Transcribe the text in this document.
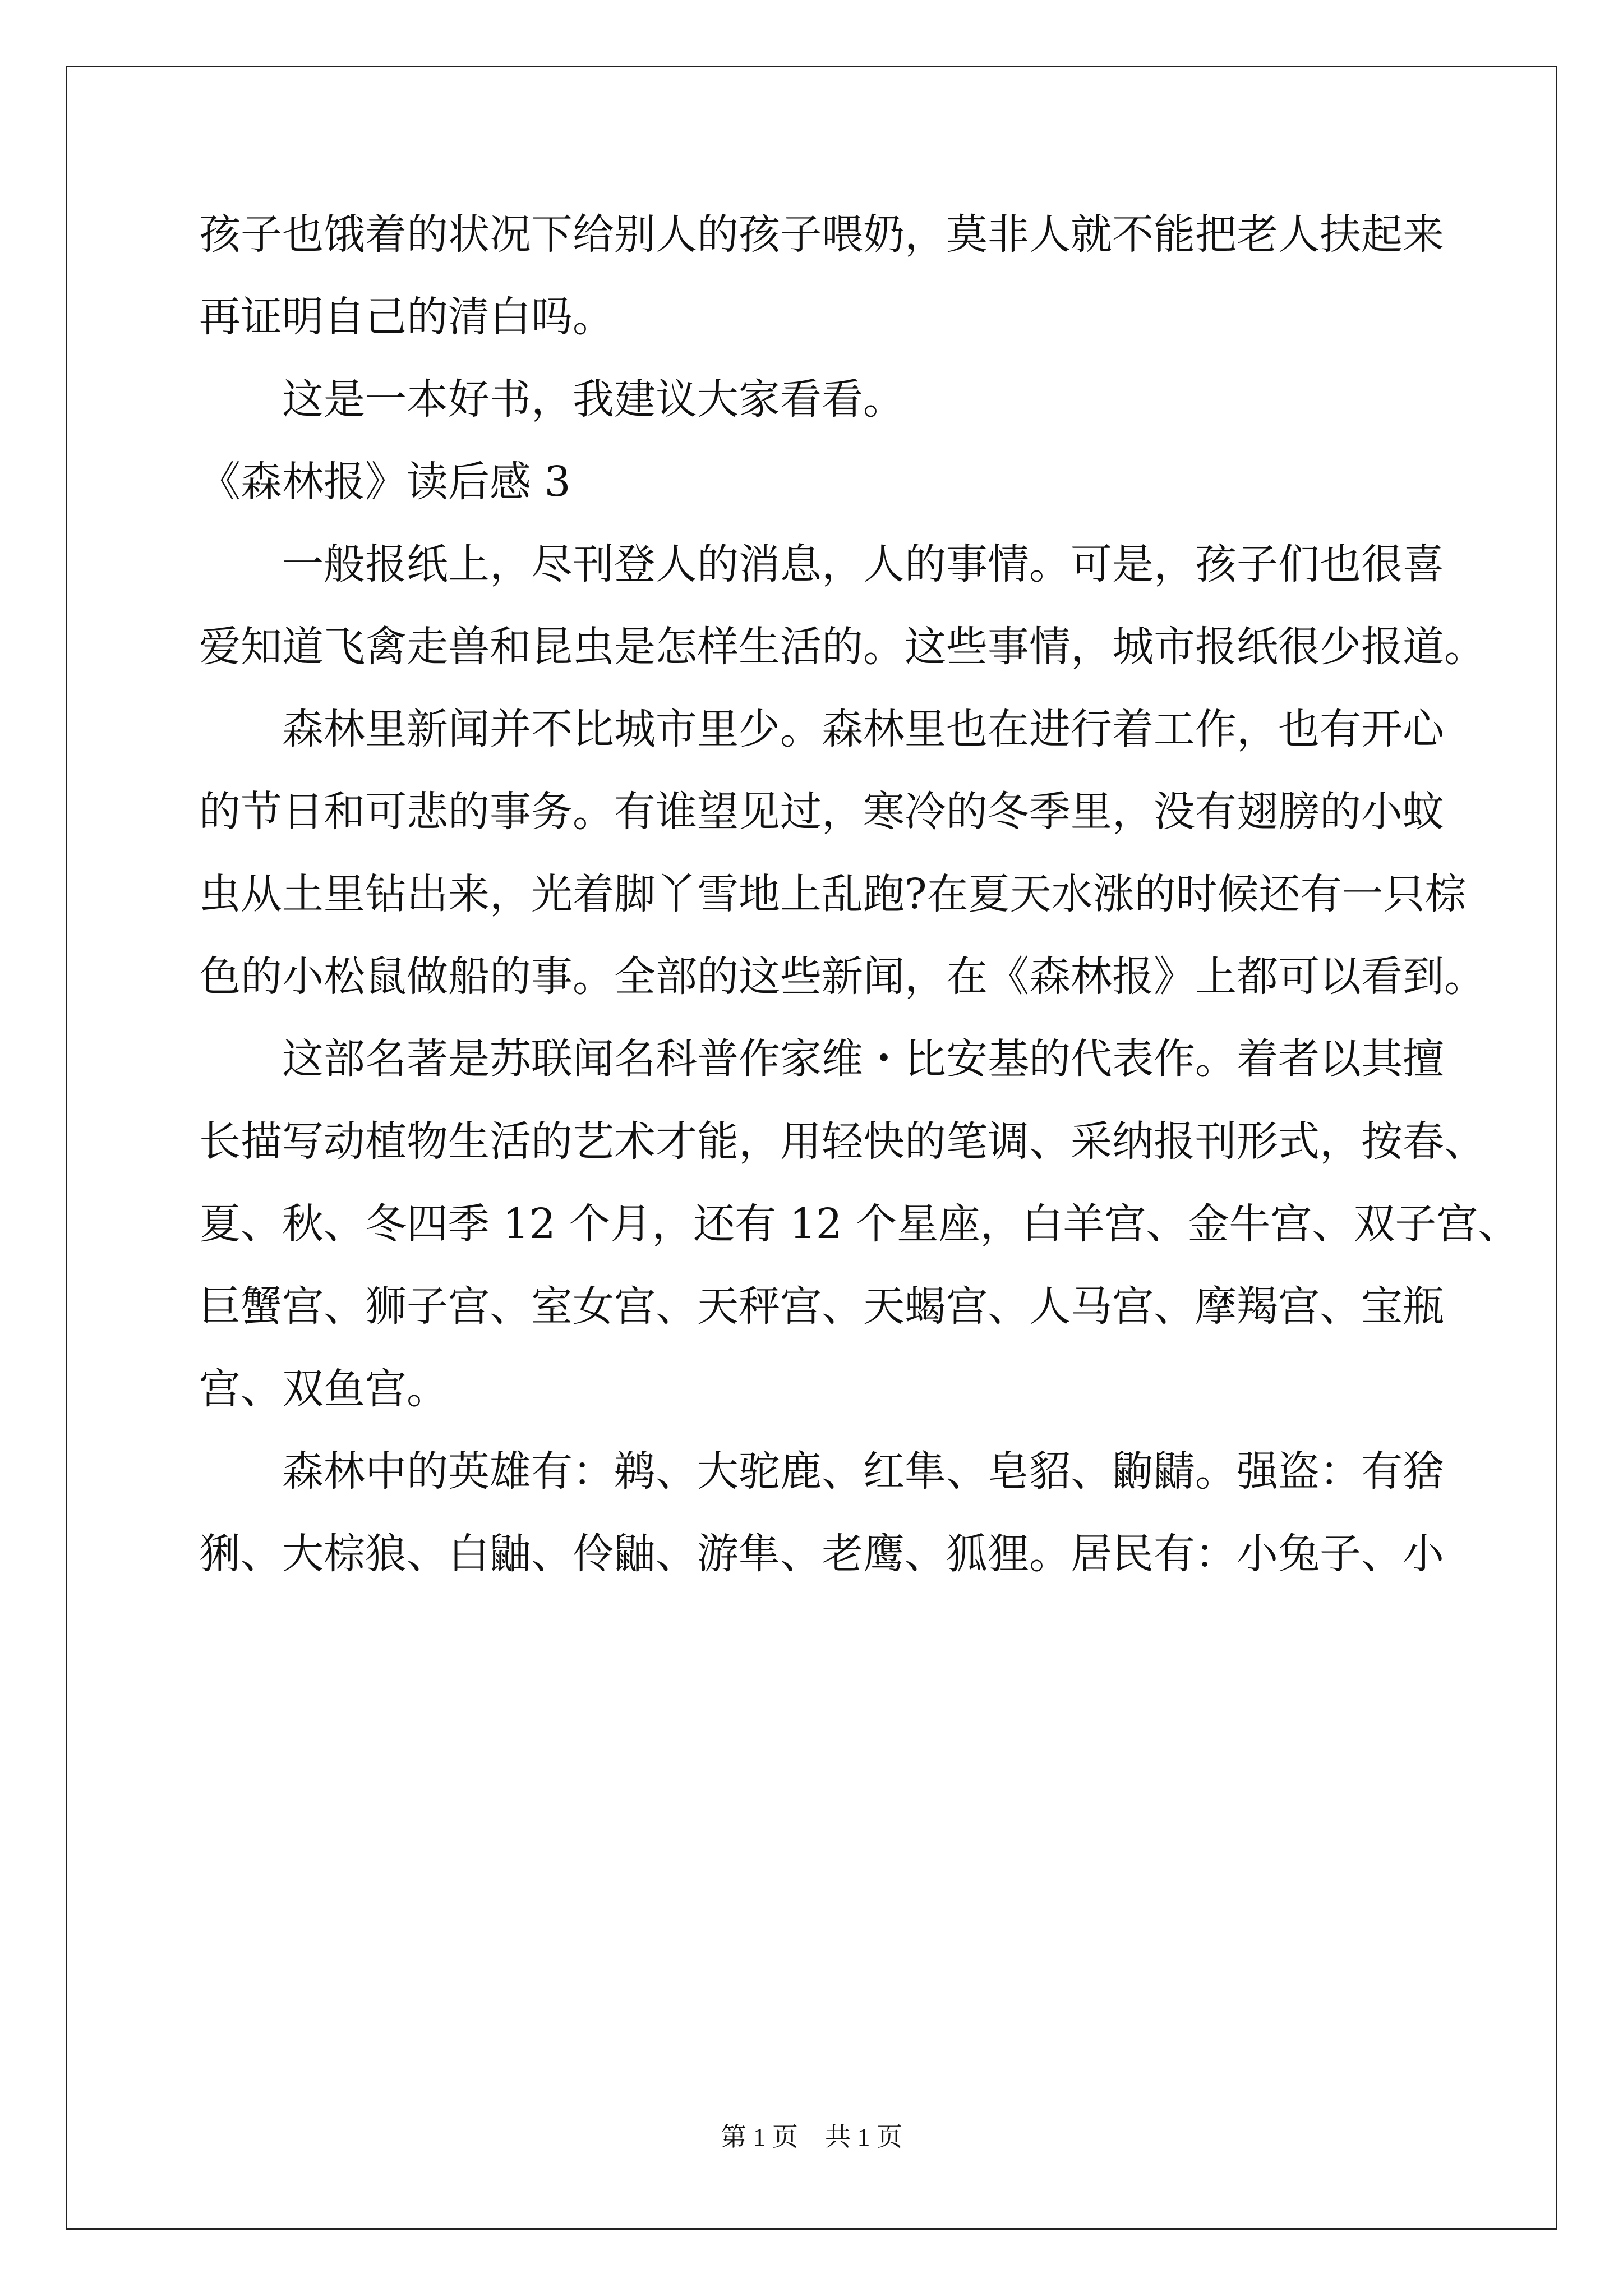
孩子也饿着的状况下给别人的孩子喂奶，莫非人就不能把老人扶起来
再证明自己的清白吗。
这是一本好书，我建议大家看看。
《森林报》读后感 3
一般报纸上，尽刊登人的消息，人的事情。可是，孩子们也很喜
爱知道飞禽走兽和昆虫是怎样生活的。这些事情，城市报纸很少报道。
森林里新闻并不比城市里少。森林里也在进行着工作，也有开心
的节日和可悲的事务。有谁望见过，寒冷的冬季里，没有翅膀的小蚊
虫从土里钻出来，光着脚丫雪地上乱跑?在夏天水涨的时候还有一只棕
色的小松鼠做船的事。全部的这些新闻，在《森林报》上都可以看到。
这部名著是苏联闻名科普作家维・比安基的代表作。着者以其擅
长描写动植物生活的艺术才能，用轻快的笔调、采纳报刊形式，按春、
夏、秋、冬四季 12 个月，还有 12 个星座，白羊宫、金牛宫、双子宫、
巨蟹宫、狮子宫、室女宫、天秤宫、天蝎宫、人马宫、摩羯宫、宝瓶
宫、双鱼宫。
森林中的英雄有：鹈、大驼鹿、红隼、皂貂、鼩鼱。强盗：有猞
猁、大棕狼、白鼬、伶鼬、游隼、老鹰、狐狸。居民有：小兔子、小
第 1 页 共 1 页
